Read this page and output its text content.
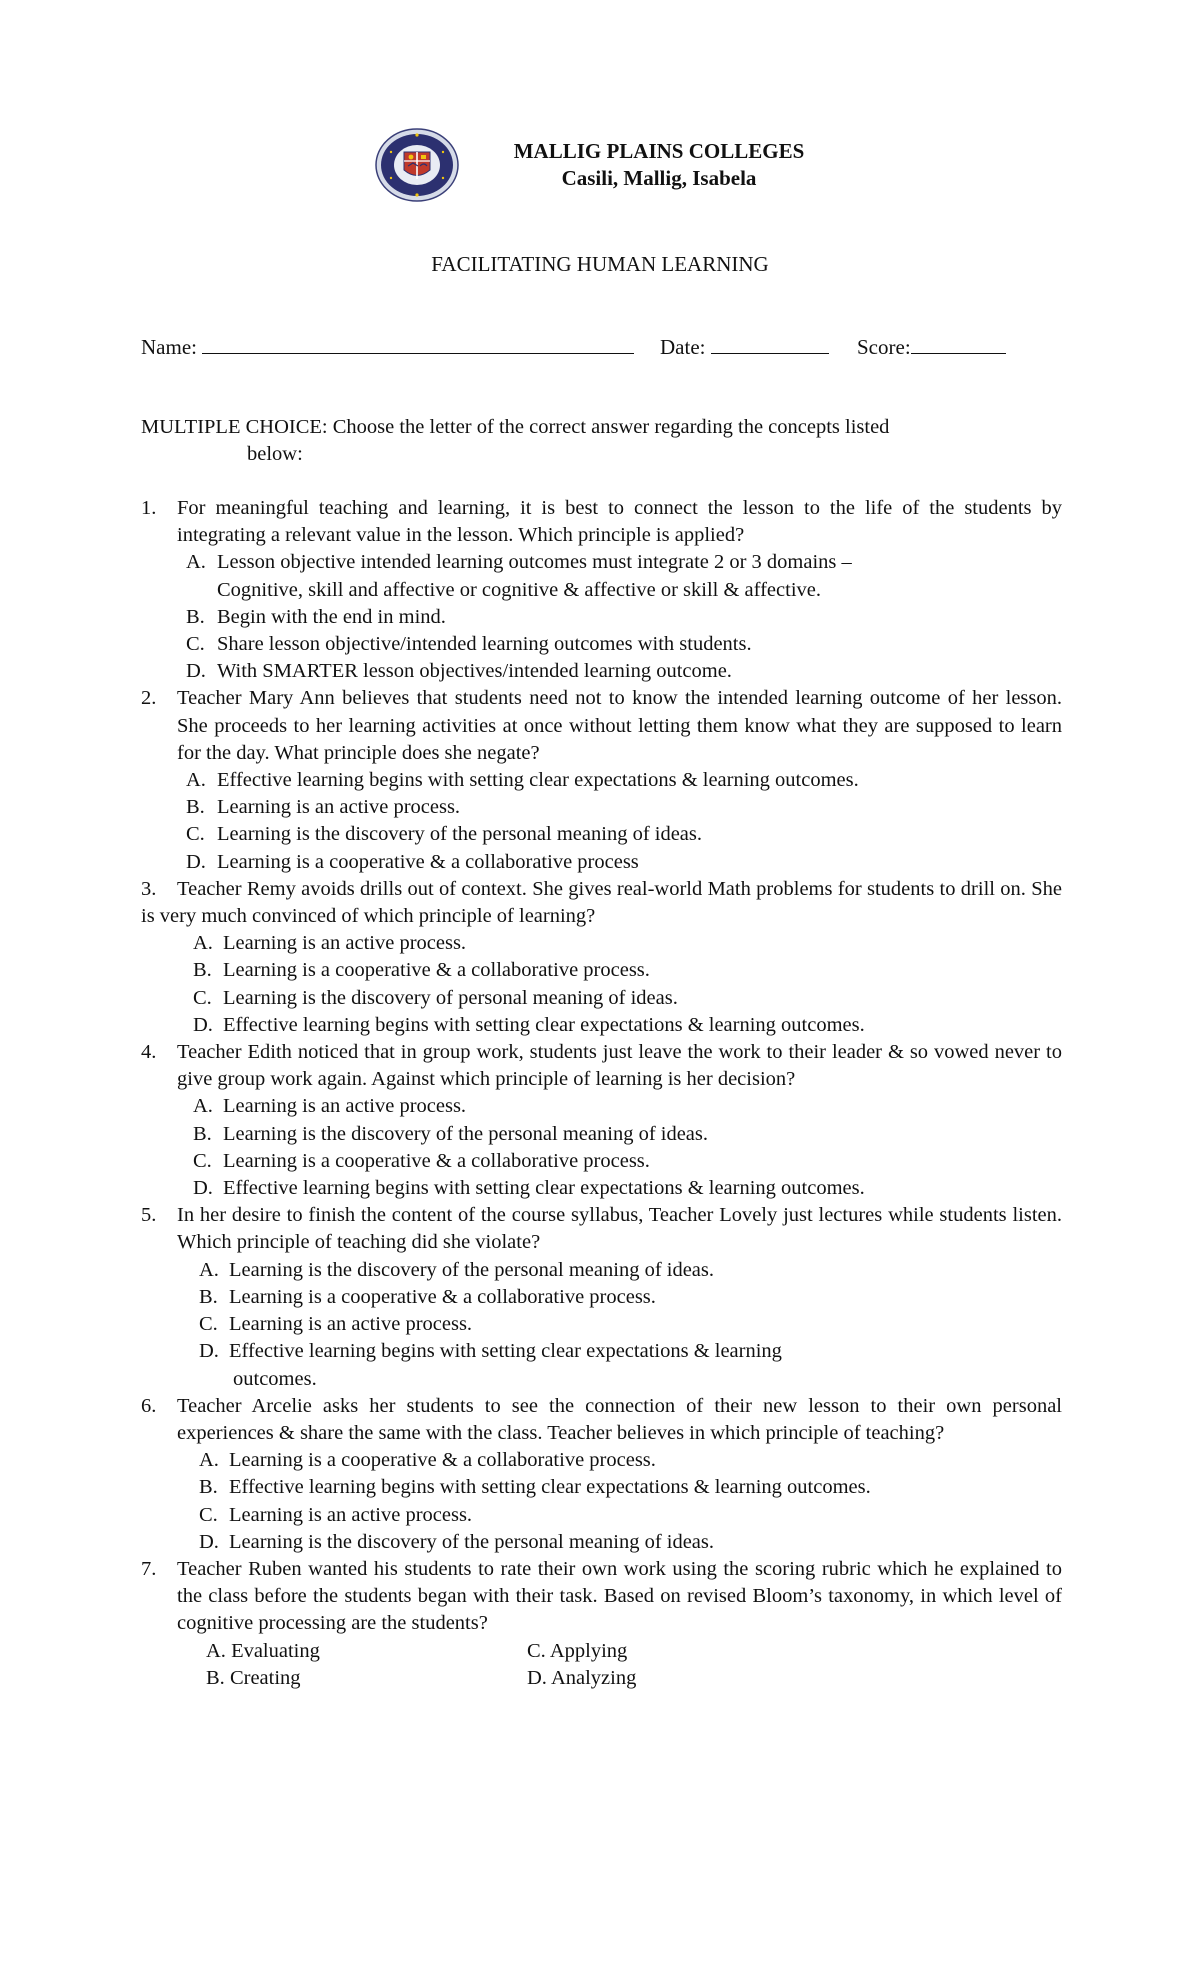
MALLIG PLAINS COLLEGES
Casili, Mallig, Isabela
FACILITATING HUMAN LEARNING
Name:	Date:	Score:
MULTIPLE CHOICE: Choose the letter of the correct answer regarding the concepts listed
below:
1.	For meaningful teaching and learning, it is best to connect the lesson to the life of the students by integrating a relevant value in the lesson. Which principle is applied?
A. Lesson objective intended learning outcomes must integrate 2 or 3 domains –
Cognitive, skill and affective or cognitive & affective or skill & affective.
B. Begin with the end in mind.
C. Share lesson objective/intended learning outcomes with students.
D. With SMARTER lesson objectives/intended learning outcome.
2.	Teacher Mary Ann believes that students need not to know the intended learning outcome of her lesson. She proceeds to her learning activities at once without letting them know what they are supposed to learn for the day. What principle does she negate?
A. Effective learning begins with setting clear expectations & learning outcomes.
B. Learning is an active process.
C. Learning is the discovery of the personal meaning of ideas.
D. Learning is a cooperative & a collaborative process
3.	Teacher Remy avoids drills out of context. She gives real-world Math problems for students to drill on. She is very much convinced of which principle of learning?
A. Learning is an active process.
B. Learning is a cooperative & a collaborative process.
C. Learning is the discovery of personal meaning of ideas.
D. Effective learning begins with setting clear expectations & learning outcomes.
4.	Teacher Edith noticed that in group work, students just leave the work to their leader & so vowed never to give group work again. Against which principle of learning is her decision?
A. Learning is an active process.
B. Learning is the discovery of the personal meaning of ideas.
C. Learning is a cooperative & a collaborative process.
D. Effective learning begins with setting clear expectations & learning outcomes.
5.	In her desire to finish the content of the course syllabus, Teacher Lovely just lectures while students listen. Which principle of teaching did she violate?
A. Learning is the discovery of the personal meaning of ideas.
B. Learning is a cooperative & a collaborative process.
C. Learning is an active process.
D. Effective learning begins with setting clear expectations & learning
outcomes.
6.	Teacher Arcelie asks her students to see the connection of their new lesson to their own personal experiences & share the same with the class. Teacher believes in which principle of teaching?
A. Learning is a cooperative & a collaborative process.
B. Effective learning begins with setting clear expectations & learning outcomes.
C. Learning is an active process.
D. Learning is the discovery of the personal meaning of ideas.
7.	Teacher Ruben wanted his students to rate their own work using the scoring rubric which he explained to the class before the students began with their task. Based on revised Bloom’s taxonomy, in which level of cognitive processing are the students?
A. Evaluating	C. Applying
B. Creating	D. Analyzing
